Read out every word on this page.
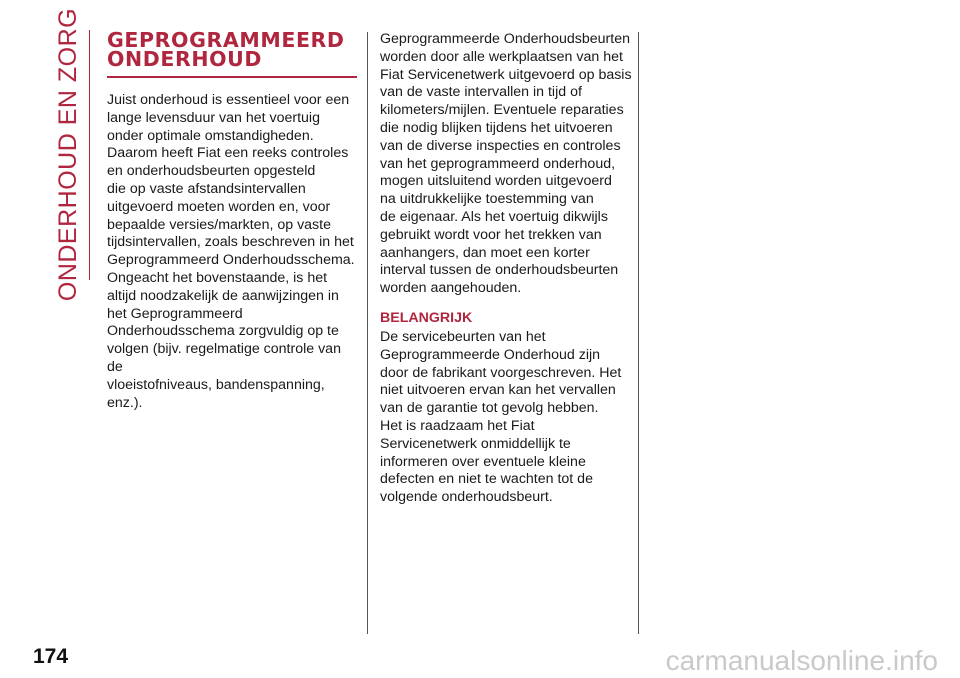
ONDERHOUD EN ZORG GEPROGRAMMEERD
ONDERHOUD

Juist onderhoud is essentieel voor een
lange levensduur van het voertuig
onder optimale omstandigheden.
Daarom heeft Fiat een reeks controles
en onderhoudsbeurten opgesteld
die op vaste afstandsintervallen
uitgevoerd moeten worden en, voor
bepaalde versies/markten, op vaste
tijdsintervallen, zoals beschreven in het
Geprogrammeerd Onderhoudsschema.
Ongeacht het bovenstaande, is het
altijd noodzakelijk de aanwijzingen in
het Geprogrammeerd
Onderhoudsschema zorgvuldig op te
volgen (bijv. regelmatige controle van de
vloeistofniveaus, bandenspanning,
enz.).

Geprogrammeerde Onderhoudsbeurten
worden door alle werkplaatsen van het
Fiat Servicenetwerk uitgevoerd op basis
van de vaste intervallen in tijd of
kilometers/mijlen. Eventuele reparaties
die nodig blijken tijdens het uitvoeren
van de diverse inspecties en controles
van het geprogrammeerd onderhoud,
mogen uitsluitend worden uitgevoerd
na uitdrukkelijke toestemming van
de eigenaar. Als het voertuig dikwijls
gebruikt wordt voor het trekken van
aanhangers, dan moet een korter
interval tussen de onderhoudsbeurten
worden aangehouden.

BELANGRIJK

De servicebeurten van het
Geprogrammeerde Onderhoud zijn
door de fabrikant voorgeschreven. Het
niet uitvoeren ervan kan het vervallen
van de garantie tot gevolg hebben.
Het is raadzaam het Fiat
Servicenetwerk onmiddellijk te
informeren over eventuele kleine
defecten en niet te wachten tot de
volgende onderhoudsbeurt.

174	carmanualsonline.info
